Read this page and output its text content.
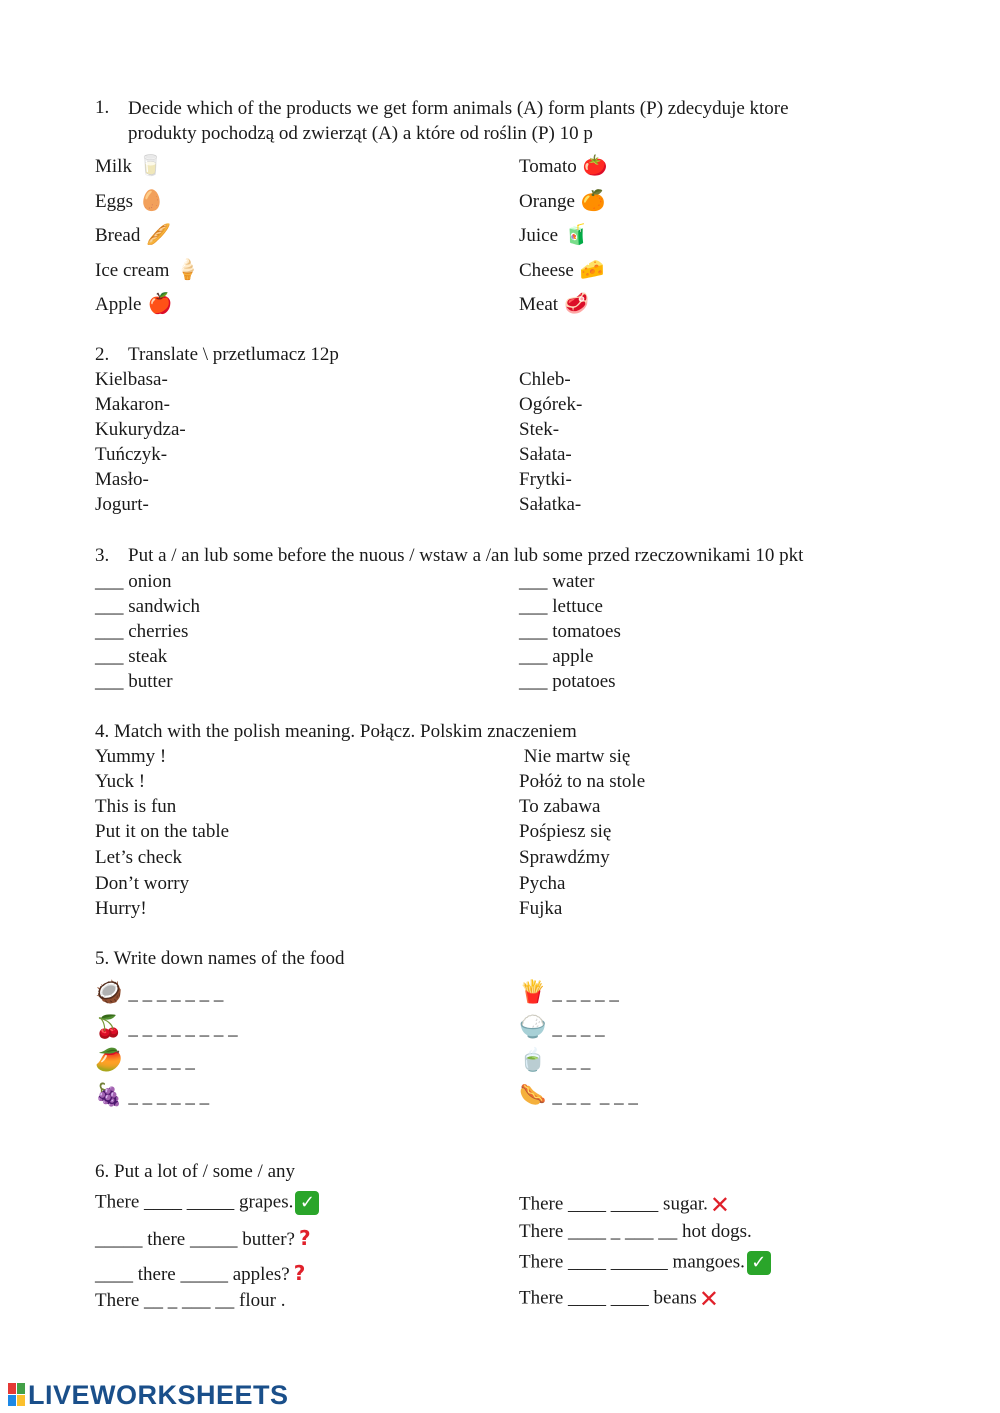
1. Decide which of the products we get form animals (A) form plants (P) zdecyduje ktore
produkty pochodzą od zwierząt (A) a które od roślin (P) 10 p
Milk 🥛
Eggs 🥚
Bread 🥖
Ice cream 🍦
Apple 🍎
Tomato 🍅
Orange 🍊
Juice 🧃
Cheese 🧀
Meat 🥩
2. Translate \ przetlumacz 12p
Kielbasa-
Makaron-
Kukurydza-
Tuńczyk-
Masło-
Jogurt-
Chleb-
Ogórek-
Stek-
Sałata-
Frytki-
Sałatka-
3. Put a / an lub some before the nuous / wstaw a /an lub some przed rzeczownikami 10 pkt
___ onion
___ sandwich
___ cherries
___ steak
___ butter
___ water
___ lettuce
___ tomatoes
___ apple
___ potatoes
4. Match with the polish meaning. Połącz. Polskim znaczeniem
Yummy !
Yuck !
This is fun
Put it on the table
Let’s check
Don’t worry
Hurry!
Nie martw się
Połóż to na stole
To zabawa
Pośpiesz się
Sprawdźmy
Pycha
Fujka
5. Write down names of the food
🥥 _ _ _ _ _ _ _
🍒 _ _ _ _ _ _ _ _
🥭 _ _ _ _ _
🍇 _ _ _ _ _ _
🍟 _ _ _ _ _
🍚 _ _ _ _
🍵 _ _ _
🌭 _ _ _  _ _ _
6. Put a lot of / some / any
There ____ _____ grapes. ✓
_____ there _____ butter? ?
____ there _____ apples? ?
There __ _ ___ __ flour .
There ____ _____ sugar.✕
There ____ _ ___ __ hot dogs.
There ____ ______ mangoes. ✓
There ____ ____ beans✕
LIVEWORKSHEETS
